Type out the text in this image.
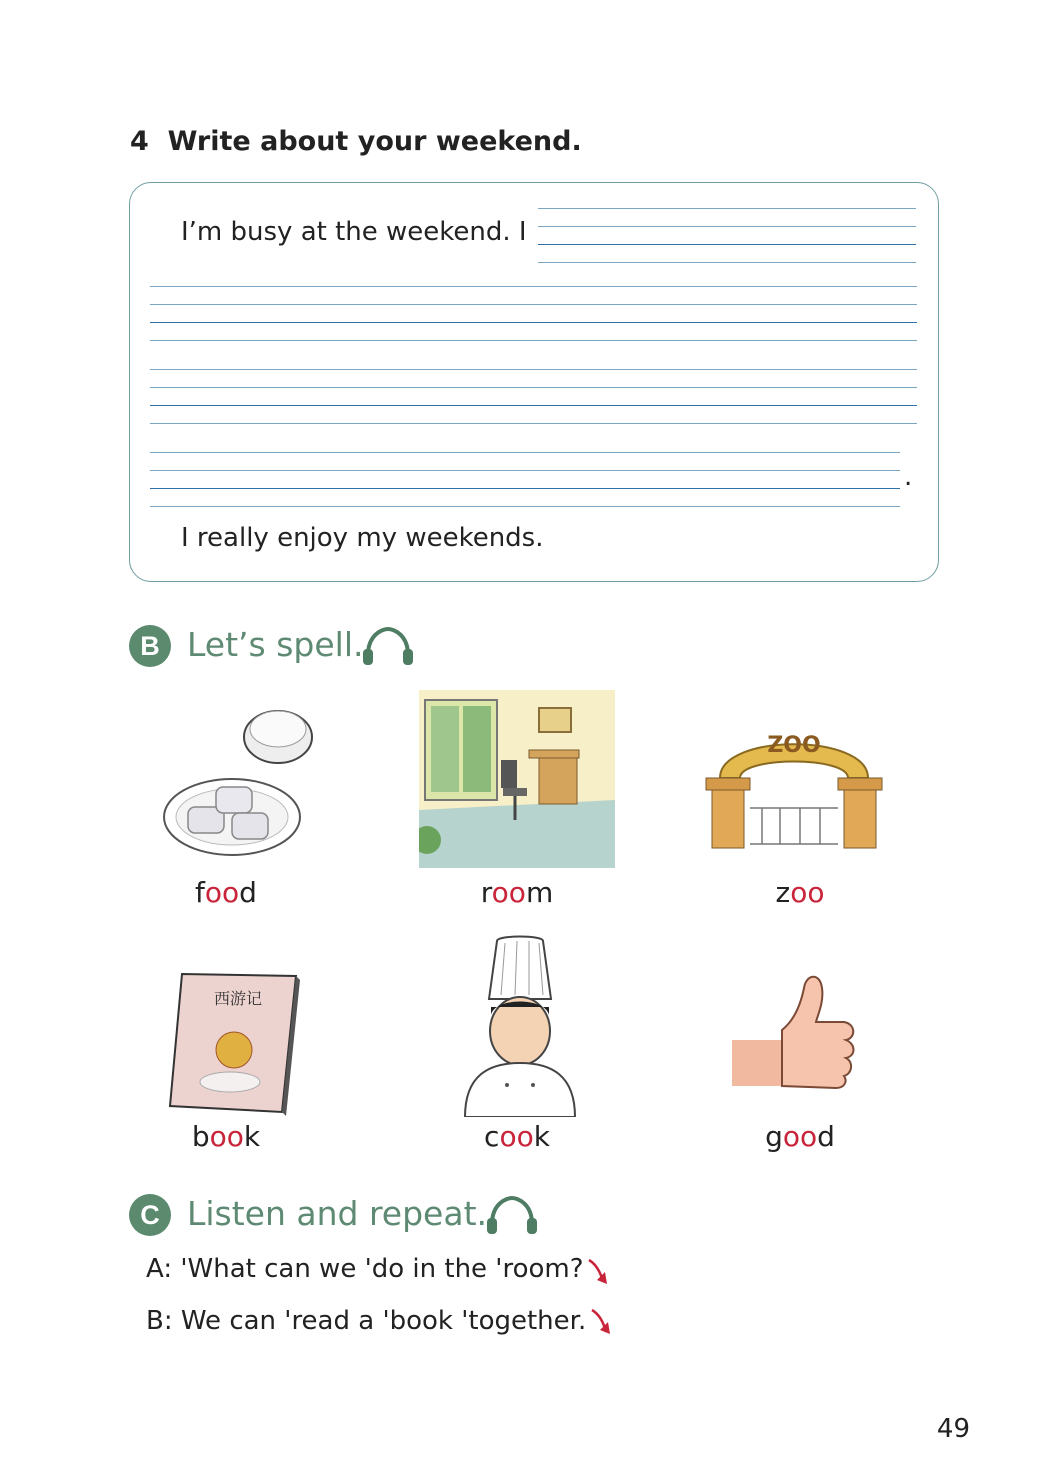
4 Write about your weekend.
I’m busy at the weekend. I
.
I really enjoy my weekends.
B Let’s spell.
ZOO
food	room	zoo
西游记
book	cook	good
C Listen and repeat.
A: 'What can we 'do in the 'room?
B: We can 'read a 'book 'together.
49
